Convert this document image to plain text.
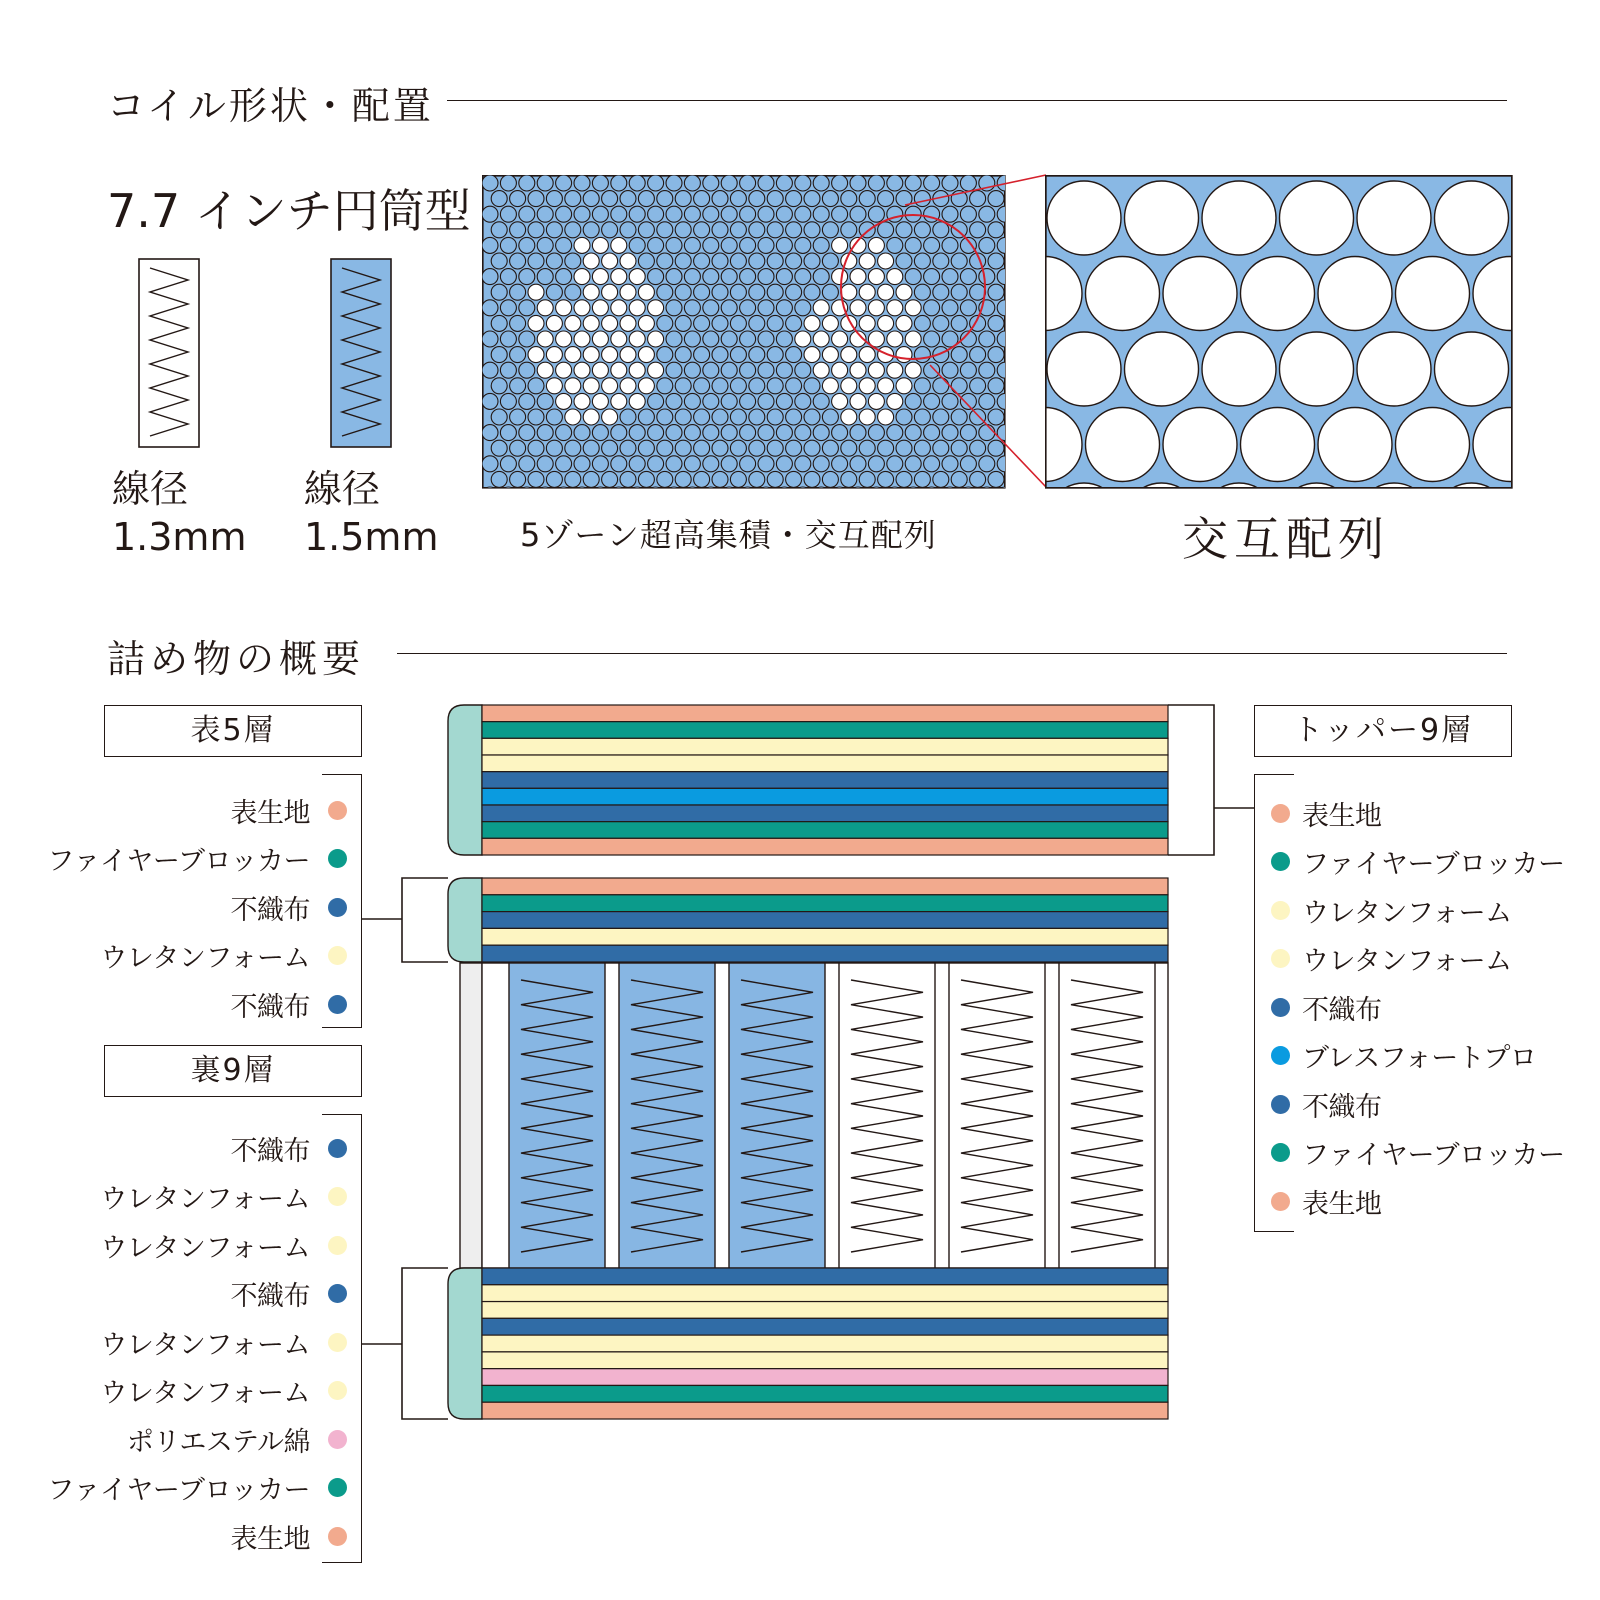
コイル形状・配置
7.7 インチ円筒型
線径
1.3mm
線径
1.5mm	5ゾーン超高集積・交互配列	交互配列
詰め物の概要
表5層
表生地
ファイヤーブロッカー
不織布
ウレタンフォーム
不織布
裏9層
不織布
ウレタンフォーム
ウレタンフォーム
不織布
ウレタンフォーム
ウレタンフォーム
ポリエステル綿
ファイヤーブロッカー
表生地
トッパー9層
表生地
ファイヤーブロッカー
ウレタンフォーム
ウレタンフォーム
不織布
ブレスフォートプロ
不織布
ファイヤーブロッカー
表生地
